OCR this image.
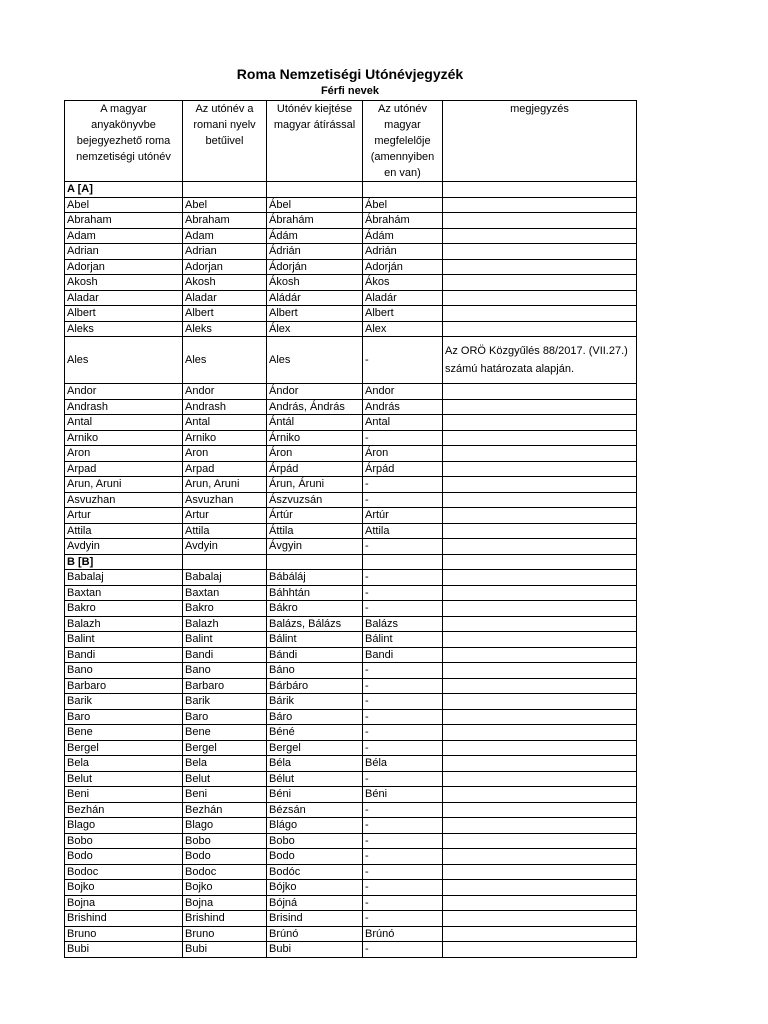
Roma Nemzetiségi Utónévjegyzék
Férfi nevek
A magyar anyakönyvbe bejegyezhető roma nemzetiségi utónév	Az utónév a romani nyelv betűivel	Utónév kiejtése magyar átírással	Az utónév magyar megfelelője (amennyiben en van)	megjegyzés
A [A]				
Abel	Abel	Ábel	Ábel	
Abraham	Abraham	Ábrahám	Ábrahám	
Adam	Adam	Ádám	Ádám	
Adrian	Adrian	Ádrián	Adrián	
Adorjan	Adorjan	Ádorján	Adorján	
Akosh	Akosh	Ákosh	Ákos	
Aladar	Aladar	Aládár	Aladár	
Albert	Albert	Albert	Albert	
Aleks	Aleks	Álex	Alex	
Ales	Ales	Ales	-	Az ORÖ Közgyűlés 88/2017. (VII.27.) számú határozata alapján.
Andor	Andor	Ándor	Andor	
Andrash	Andrash	András, Ándrás	András	
Antal	Antal	Ántál	Antal	
Arniko	Arniko	Árniko	-	
Aron	Aron	Áron	Áron	
Arpad	Arpad	Árpád	Árpád	
Arun, Aruni	Arun, Aruni	Árun, Áruni	-	
Asvuzhan	Asvuzhan	Ászvuzsán	-	
Artur	Artur	Ártúr	Artúr	
Attila	Attila	Áttila	Attila	
Avdyin	Avdyin	Ávgyin	-	
B [B]				
Babalaj	Babalaj	Bábáláj	-	
Baxtan	Baxtan	Báhhtán	-	
Bakro	Bakro	Bákro	-	
Balazh	Balazh	Balázs, Bálázs	Balázs	
Balint	Balint	Bálint	Bálint	
Bandi	Bandi	Bándi	Bandi	
Bano	Bano	Báno	-	
Barbaro	Barbaro	Bárbáro	-	
Barik	Barik	Bárik	-	
Baro	Baro	Báro	-	
Bene	Bene	Béné	-	
Bergel	Bergel	Bergel	-	
Bela	Bela	Béla	Béla	
Belut	Belut	Bélut	-	
Beni	Beni	Béni	Béni	
Bezhán	Bezhán	Bézsán	-	
Blago	Blago	Blágo	-	
Bobo	Bobo	Bobo	-	
Bodo	Bodo	Bodo	-	
Bodoc	Bodoc	Bodóc	-	
Bojko	Bojko	Bójko	-	
Bojna	Bojna	Bójná	-	
Brishind	Brishind	Brisind	-	
Bruno	Bruno	Brúnó	Brúnó	
Bubi	Bubi	Bubi	-	
